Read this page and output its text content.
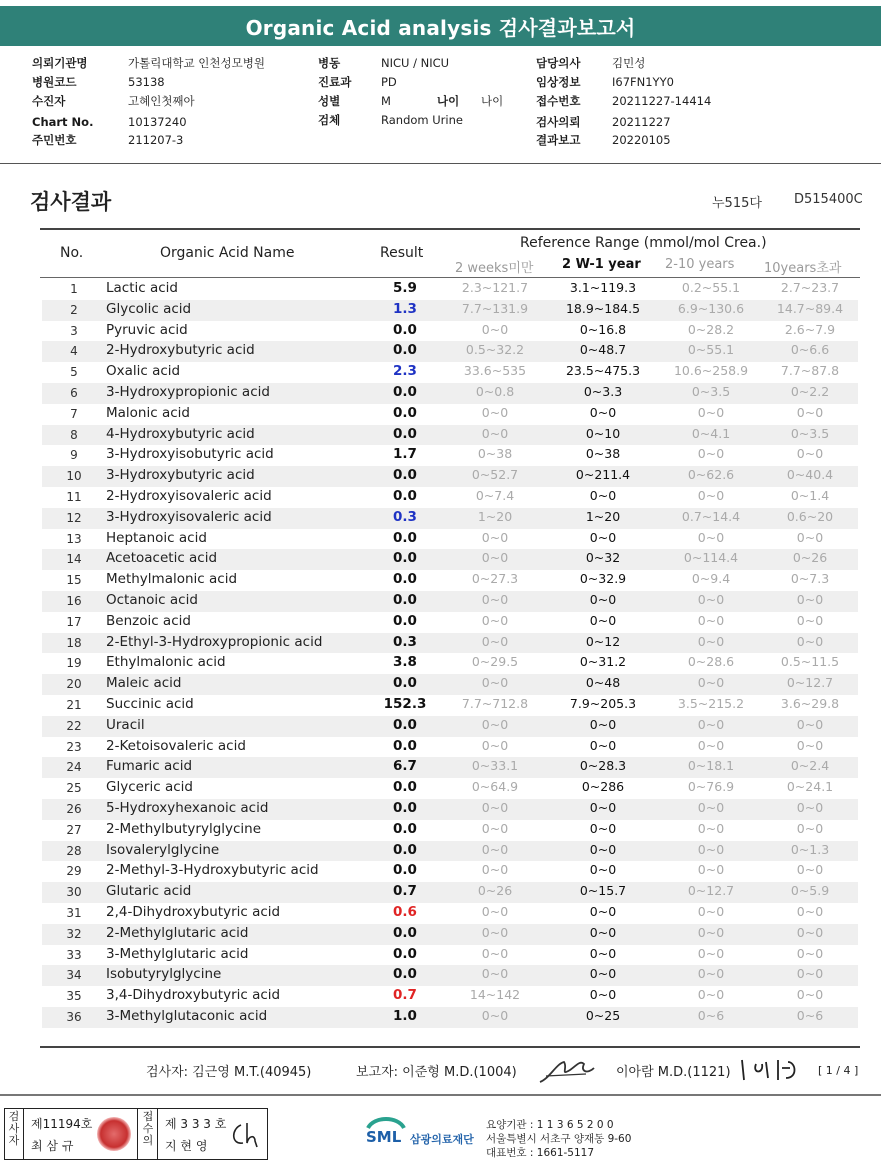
Organic Acid analysis 검사결과보고서
의뢰기관명	가톨릭대학교 인천성모병원
병원코드	53138
수진자	고혜인첫째아
Chart No.	10137240
주민번호	211207-3
병동	NICU / NICU
진료과	PD
성별	M	나이 나이
검체	Random Urine
담당의사	김민성
임상정보	I67FN1YY0
접수번호	20211227-14414
검사의뢰	20211227
결과보고	20220105
검사결과	누515다 D515400C
No.	Organic Acid Name	Result
Reference Range (mmol/mol Crea.)
2 weeks미만 2 W-1 year 2-10 years 10years초과
1	Lactic acid	5.9	2.3~121.7	3.1~119.3	0.2~55.1	2.7~23.7
2	Glycolic acid	1.3	7.7~131.9	18.9~184.5	6.9~130.6	14.7~89.4
3	Pyruvic acid	0.0	0~0	0~16.8	0~28.2	2.6~7.9
4	2-Hydroxybutyric acid	0.0	0.5~32.2	0~48.7	0~55.1	0~6.6
5	Oxalic acid	2.3	33.6~535	23.5~475.3	10.6~258.9	7.7~87.8
6	3-Hydroxypropionic acid	0.0	0~0.8	0~3.3	0~3.5	0~2.2
7	Malonic acid	0.0	0~0	0~0	0~0	0~0
8	4-Hydroxybutyric acid	0.0	0~0	0~10	0~4.1	0~3.5
9	3-Hydroxyisobutyric acid	1.7	0~38	0~38	0~0	0~0
10	3-Hydroxybutyric acid	0.0	0~52.7	0~211.4	0~62.6	0~40.4
11	2-Hydroxyisovaleric acid	0.0	0~7.4	0~0	0~0	0~1.4
12	3-Hydroxyisovaleric acid	0.3	1~20	1~20	0.7~14.4	0.6~20
13	Heptanoic acid	0.0	0~0	0~0	0~0	0~0
14	Acetoacetic acid	0.0	0~0	0~32	0~114.4	0~26
15	Methylmalonic acid	0.0	0~27.3	0~32.9	0~9.4	0~7.3
16	Octanoic acid	0.0	0~0	0~0	0~0	0~0
17	Benzoic acid	0.0	0~0	0~0	0~0	0~0
18	2-Ethyl-3-Hydroxypropionic acid	0.3	0~0	0~12	0~0	0~0
19	Ethylmalonic acid	3.8	0~29.5	0~31.2	0~28.6	0.5~11.5
20	Maleic acid	0.0	0~0	0~48	0~0	0~12.7
21	Succinic acid	152.3	7.7~712.8	7.9~205.3	3.5~215.2	3.6~29.8
22	Uracil	0.0	0~0	0~0	0~0	0~0
23	2-Ketoisovaleric acid	0.0	0~0	0~0	0~0	0~0
24	Fumaric acid	6.7	0~33.1	0~28.3	0~18.1	0~2.4
25	Glyceric acid	0.0	0~64.9	0~286	0~76.9	0~24.1
26	5-Hydroxyhexanoic acid	0.0	0~0	0~0	0~0	0~0
27	2-Methylbutyrylglycine	0.0	0~0	0~0	0~0	0~0
28	Isovalerylglycine	0.0	0~0	0~0	0~0	0~1.3
29	2-Methyl-3-Hydroxybutyric acid	0.0	0~0	0~0	0~0	0~0
30	Glutaric acid	0.7	0~26	0~15.7	0~12.7	0~5.9
31	2,4-Dihydroxybutyric acid	0.6	0~0	0~0	0~0	0~0
32	2-Methylglutaric acid	0.0	0~0	0~0	0~0	0~0
33	3-Methylglutaric acid	0.0	0~0	0~0	0~0	0~0
34	Isobutyrylglycine	0.0	0~0	0~0	0~0	0~0
35	3,4-Dihydroxybutyric acid	0.7	14~142	0~0	0~0	0~0
36	3-Methylglutaconic acid	1.0	0~0	0~25	0~6	0~6
검사자: 김근영 M.T.(40945)	보고자: 이준형 M.D.(1004)	이아람 M.D.(1121)	[ 1 / 4 ]
검사자
제11194호
최 삼 규
접수의
제 3 3 3 호
지 현 영	SML 삼광의료재단
요양기관 : 1 1 3 6 5 2 0 0
서울특별시 서초구 양재동 9-60
대표번호 : 1661-5117
